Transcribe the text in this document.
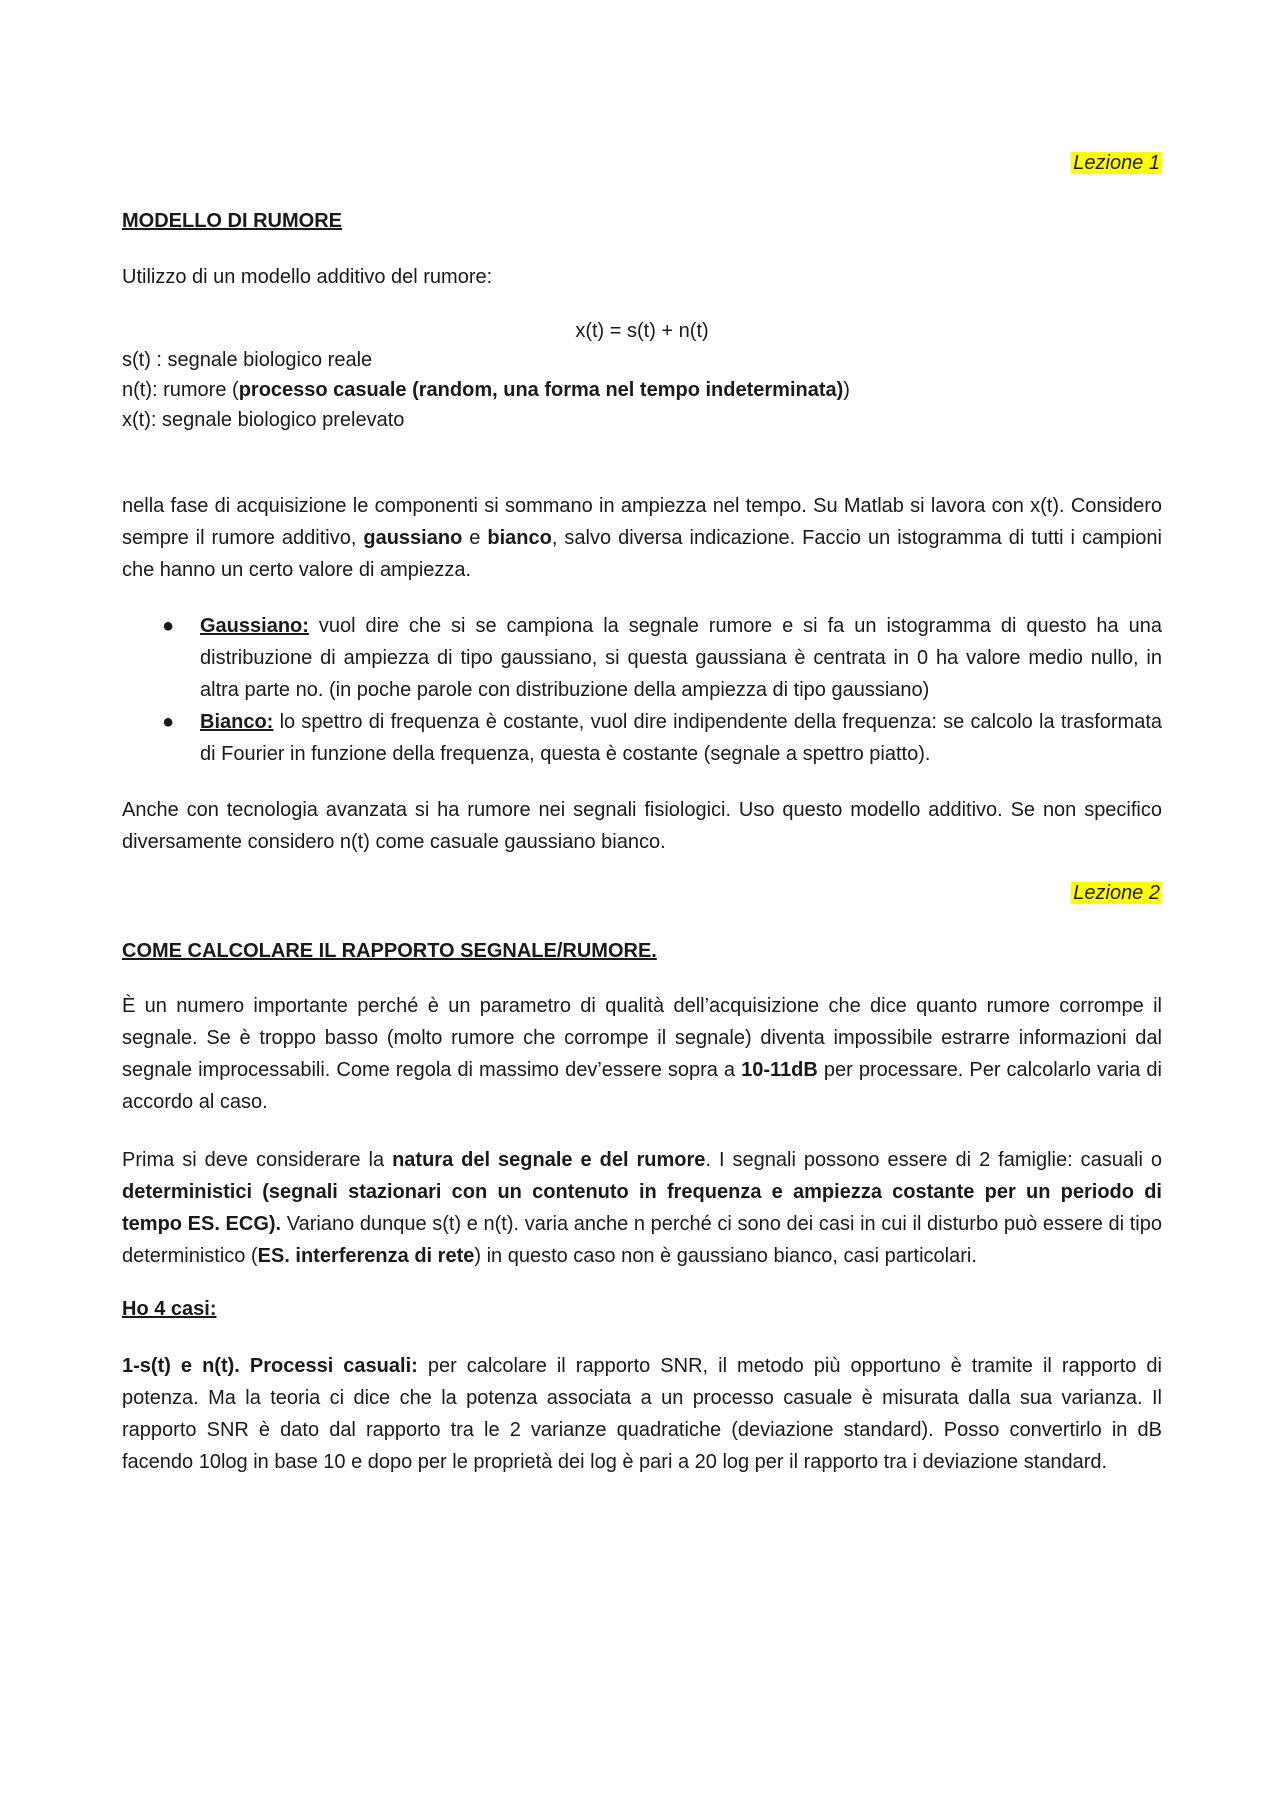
Lezione 1

MODELLO DI RUMORE

Utilizzo di un modello additivo del rumore:

x(t) = s(t) + n(t)

s(t) : segnale biologico reale

n(t): rumore (processo casuale (random, una forma nel tempo indeterminata))

x(t): segnale biologico prelevato

nella fase di acquisizione le componenti si sommano in ampiezza nel tempo. Su Matlab si lavora con x(t). Considero sempre il rumore additivo, gaussiano e bianco, salvo diversa indicazione. Faccio un istogramma di tutti i campioni che hanno un certo valore di ampiezza.

● Gaussiano: vuol dire che si se campiona la segnale rumore e si fa un istogramma di questo ha una distribuzione di ampiezza di tipo gaussiano, si questa gaussiana è centrata in 0 ha valore medio nullo, in altra parte no. (in poche parole con distribuzione della ampiezza di tipo gaussiano)
● Bianco: lo spettro di frequenza è costante, vuol dire indipendente della frequenza: se calcolo la trasformata di Fourier in funzione della frequenza, questa è costante (segnale a spettro piatto).

Anche con tecnologia avanzata si ha rumore nei segnali fisiologici. Uso questo modello additivo. Se non specifico diversamente considero n(t) come casuale gaussiano bianco.

Lezione 2

COME CALCOLARE IL RAPPORTO SEGNALE/RUMORE.

È un numero importante perché è un parametro di qualità dell’acquisizione che dice quanto rumore corrompe il segnale. Se è troppo basso (molto rumore che corrompe il segnale) diventa impossibile estrarre informazioni dal segnale improcessabili. Come regola di massimo dev’essere sopra a 10-11dB per processare. Per calcolarlo varia di accordo al caso.

Prima si deve considerare la natura del segnale e del rumore. I segnali possono essere di 2 famiglie: casuali o deterministici (segnali stazionari con un contenuto in frequenza e ampiezza costante per un periodo di tempo ES. ECG). Variano dunque s(t) e n(t). varia anche n perché ci sono dei casi in cui il disturbo può essere di tipo deterministico (ES. interferenza di rete) in questo caso non è gaussiano bianco, casi particolari.

Ho 4 casi:

1-s(t) e n(t). Processi casuali: per calcolare il rapporto SNR, il metodo più opportuno è tramite il rapporto di potenza. Ma la teoria ci dice che la potenza associata a un processo casuale è misurata dalla sua varianza. Il rapporto SNR è dato dal rapporto tra le 2 varianze quadratiche (deviazione standard). Posso convertirlo in dB facendo 10log in base 10 e dopo per le proprietà dei log è pari a 20 log per il rapporto tra i deviazione standard.
